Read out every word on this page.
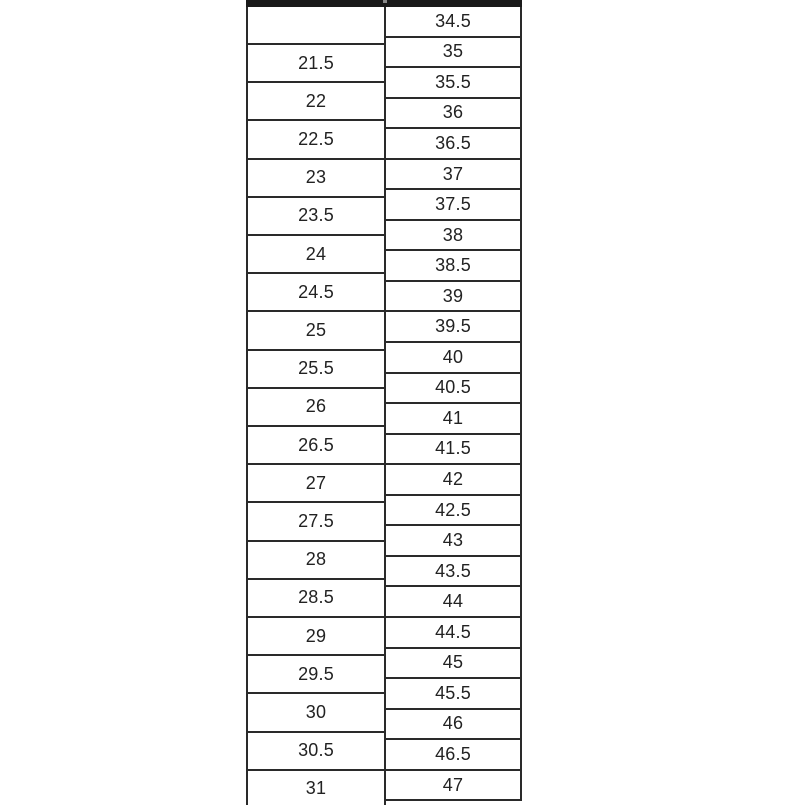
21.5
22
22.5
23
23.5
24
24.5
25
25.5
26
26.5
27
27.5
28
28.5
29
29.5
30
30.5
31
34.5
35
35.5
36
36.5
37
37.5
38
38.5
39
39.5
40
40.5
41
41.5
42
42.5
43
43.5
44
44.5
45
45.5
46
46.5
47
